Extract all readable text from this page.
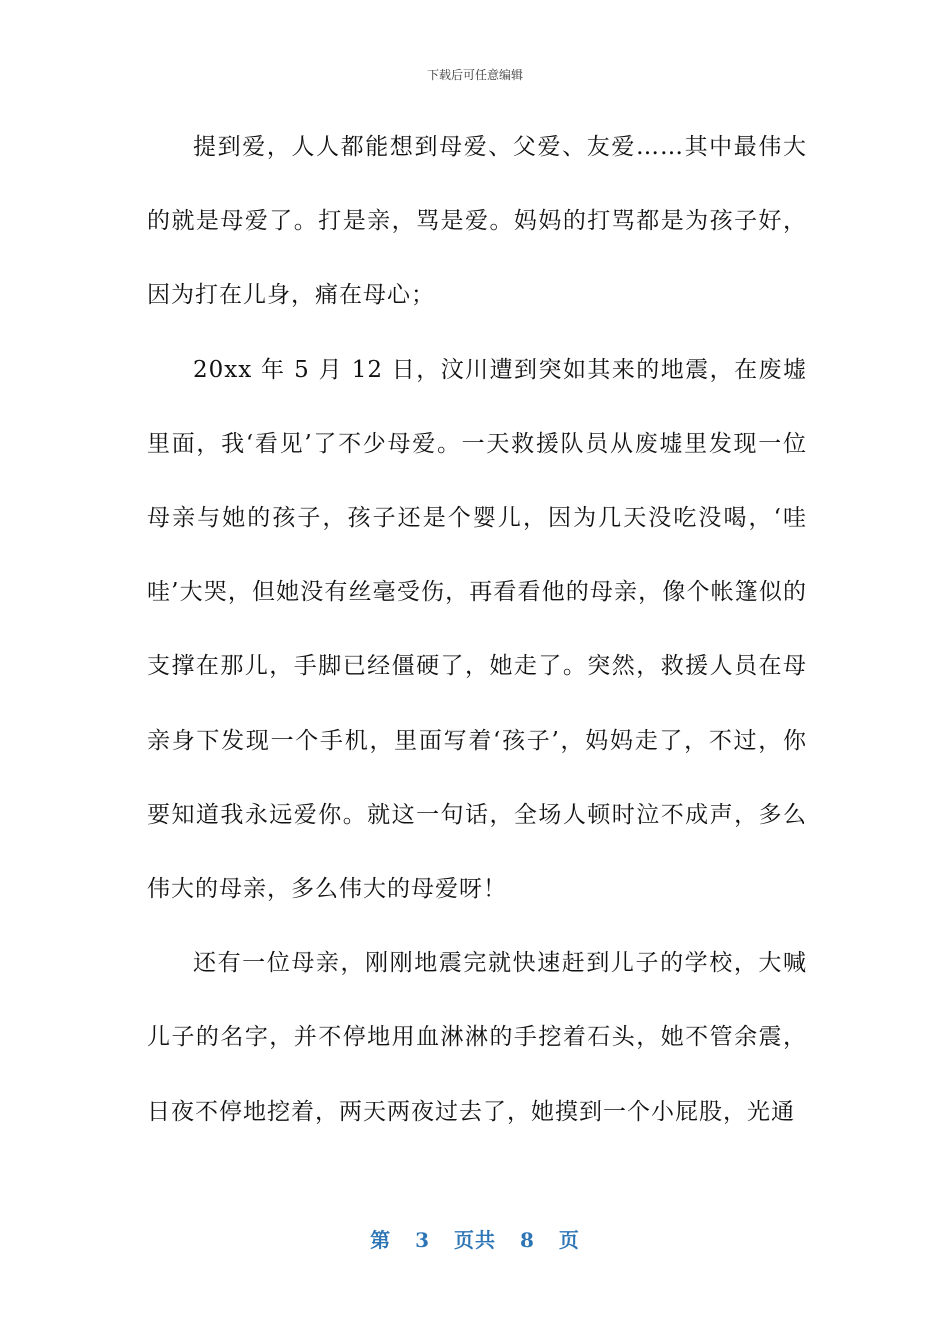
下载后可任意编辑

提到爱，人人都能想到母爱、父爱、友爱……其中最伟大的就是母爱了。打是亲，骂是爱。妈妈的打骂都是为孩子好，因为打在儿身，痛在母心；

20xx 年 5 月 12 日，汶川遭到突如其来的地震，在废墟里面，我‘看见’了不少母爱。一天救援队员从废墟里发现一位母亲与她的孩子，孩子还是个婴儿，因为几天没吃没喝，‘哇哇’大哭，但她没有丝毫受伤，再看看他的母亲，像个帐篷似的支撑在那儿，手脚已经僵硬了，她走了。突然，救援人员在母亲身下发现一个手机，里面写着‘孩子’，妈妈走了，不过，你要知道我永远爱你。就这一句话，全场人顿时泣不成声，多么伟大的母亲，多么伟大的母爱呀！

还有一位母亲，刚刚地震完就快速赶到儿子的学校，大喊儿子的名字，并不停地用血淋淋的手挖着石头，她不管余震，日夜不停地挖着，两天两夜过去了，她摸到一个小屁股，光通

第 3 页共 8 页
